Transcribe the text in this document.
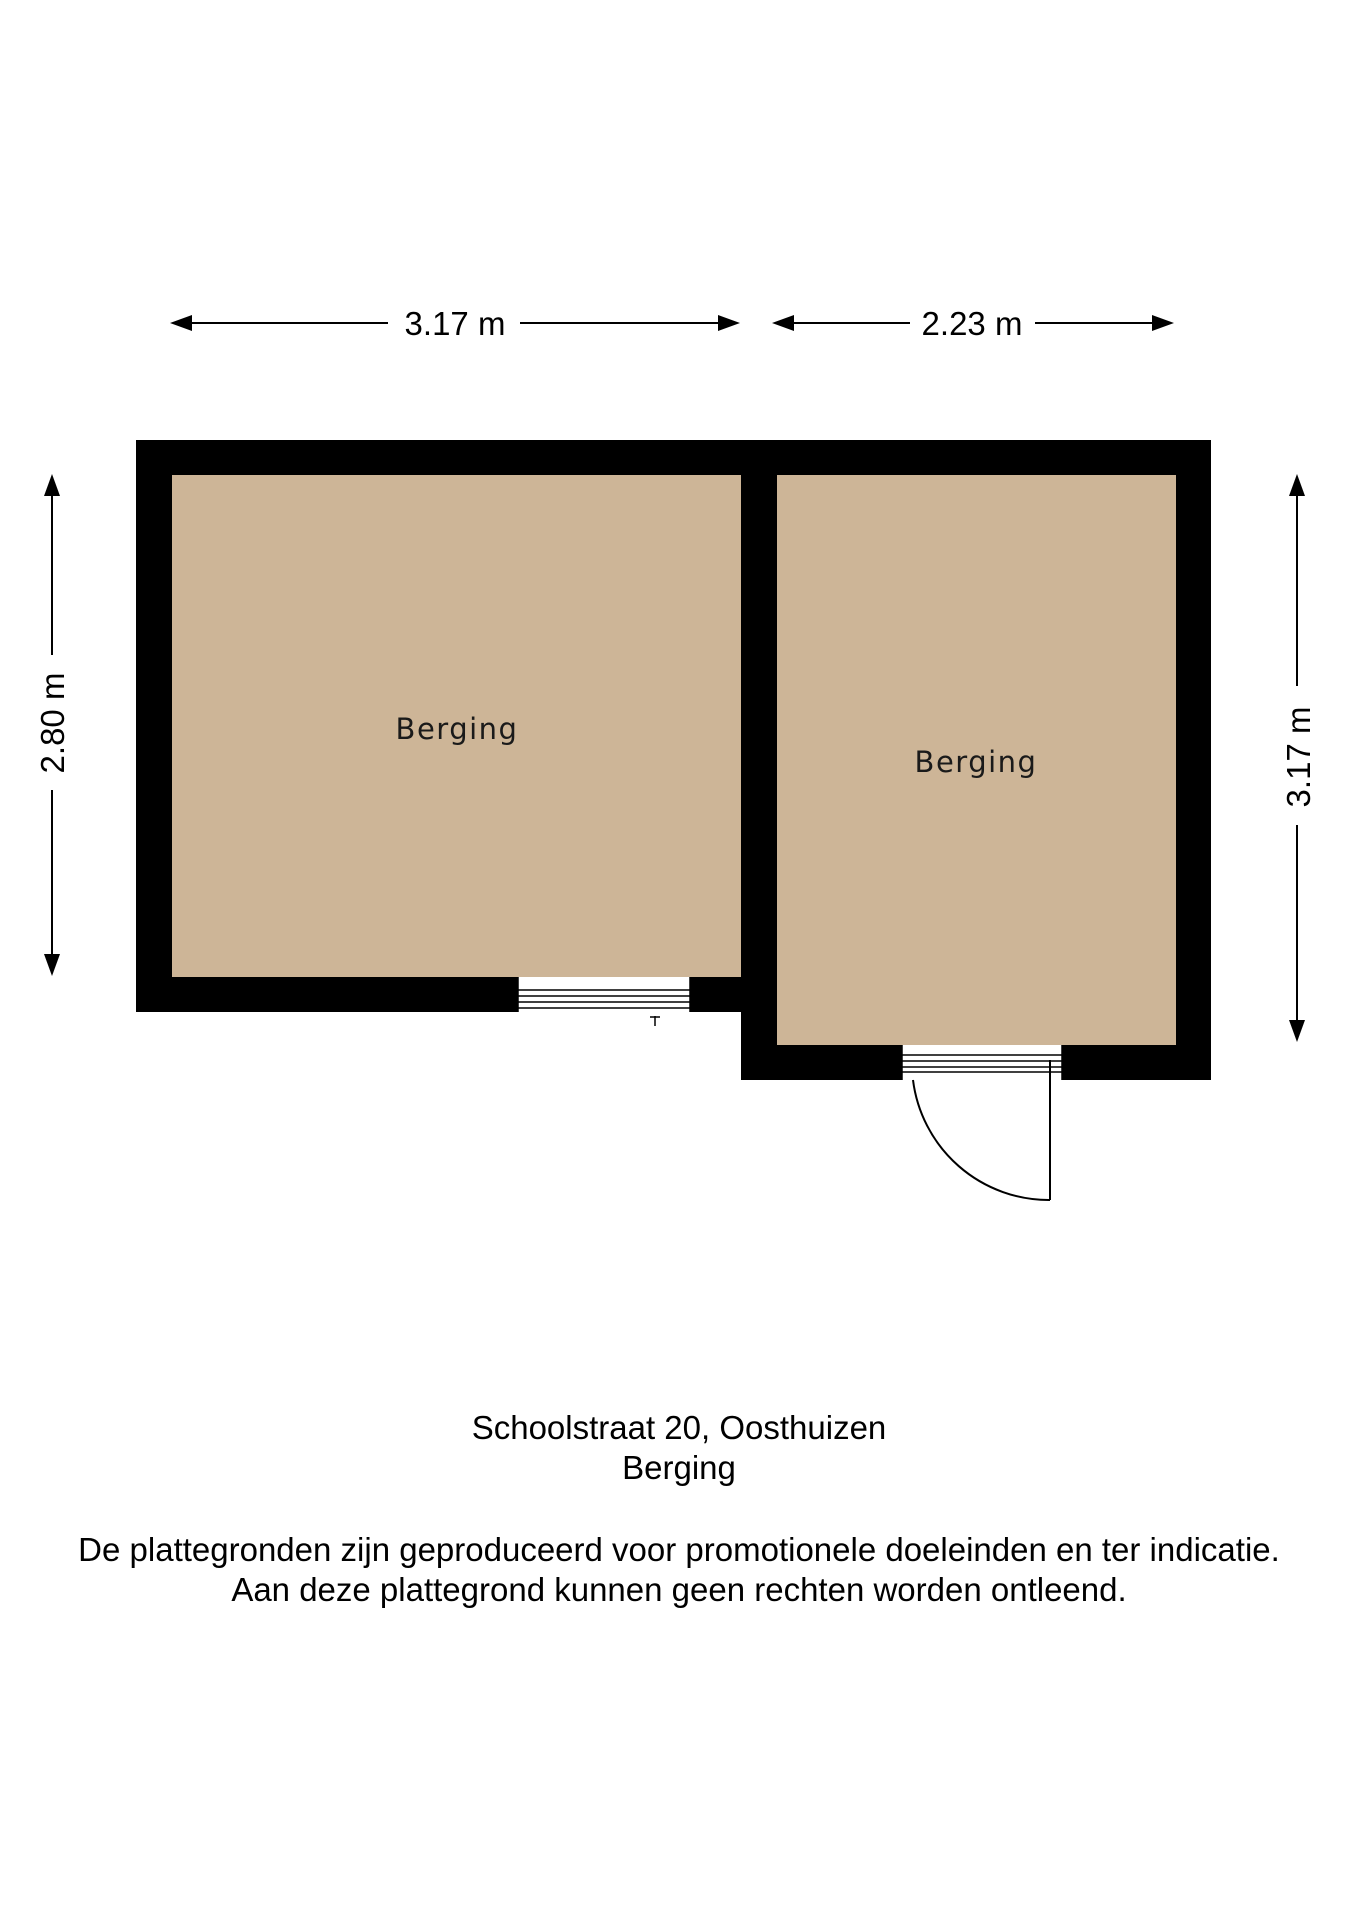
3.17 m	2.23 m
2.80 m	3.17 m
Berging
Berging
Schoolstraat 20, Oosthuizen
Berging
De plattegronden zijn geproduceerd voor promotionele doeleinden en ter indicatie.
Aan deze plattegrond kunnen geen rechten worden ontleend.
